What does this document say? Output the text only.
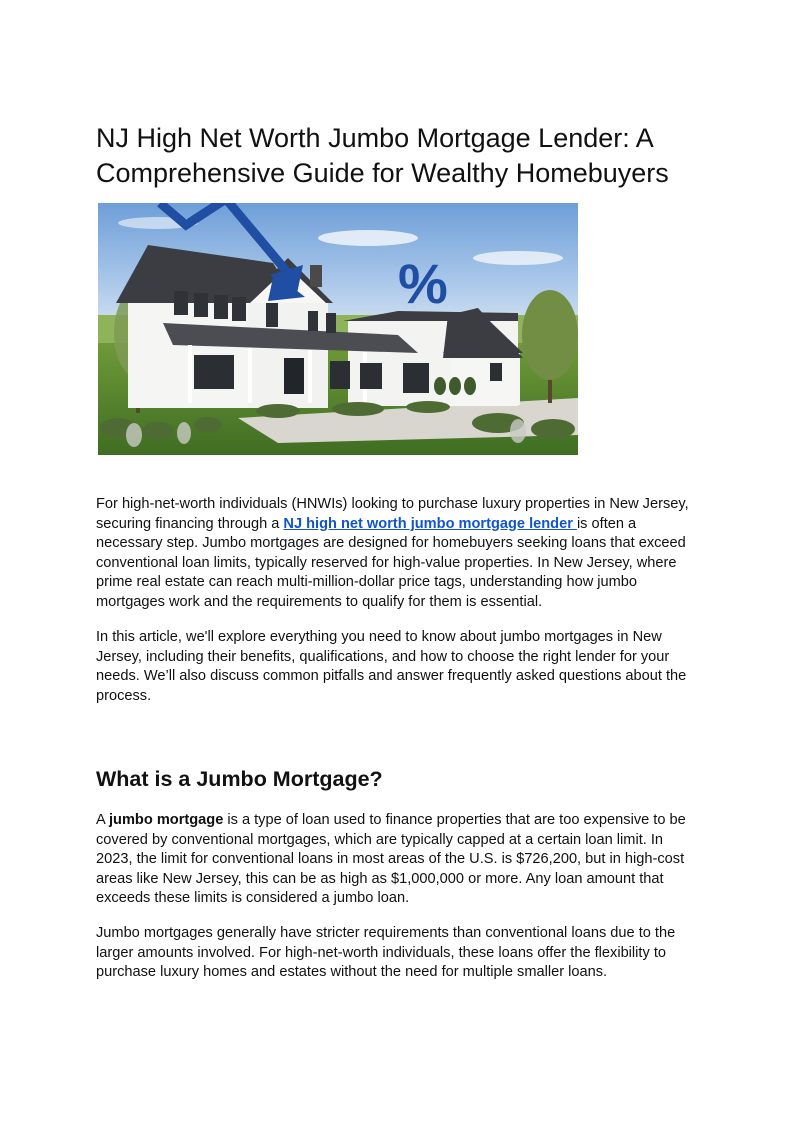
NJ High Net Worth Jumbo Mortgage Lender: A Comprehensive Guide for Wealthy Homebuyers
%

For high-net-worth individuals (HNWIs) looking to purchase luxury properties in New Jersey, securing financing through a NJ high net worth jumbo mortgage lender is often a necessary step. Jumbo mortgages are designed for homebuyers seeking loans that exceed conventional loan limits, typically reserved for high-value properties. In New Jersey, where prime real estate can reach multi-million-dollar price tags, understanding how jumbo mortgages work and the requirements to qualify for them is essential.

In this article, we'll explore everything you need to know about jumbo mortgages in New Jersey, including their benefits, qualifications, and how to choose the right lender for your needs. We’ll also discuss common pitfalls and answer frequently asked questions about the process.

What is a Jumbo Mortgage?

A jumbo mortgage is a type of loan used to finance properties that are too expensive to be covered by conventional mortgages, which are typically capped at a certain loan limit. In 2023, the limit for conventional loans in most areas of the U.S. is $726,200, but in high-cost areas like New Jersey, this can be as high as $1,000,000 or more. Any loan amount that exceeds these limits is considered a jumbo loan.

Jumbo mortgages generally have stricter requirements than conventional loans due to the larger amounts involved. For high-net-worth individuals, these loans offer the flexibility to purchase luxury homes and estates without the need for multiple smaller loans.
